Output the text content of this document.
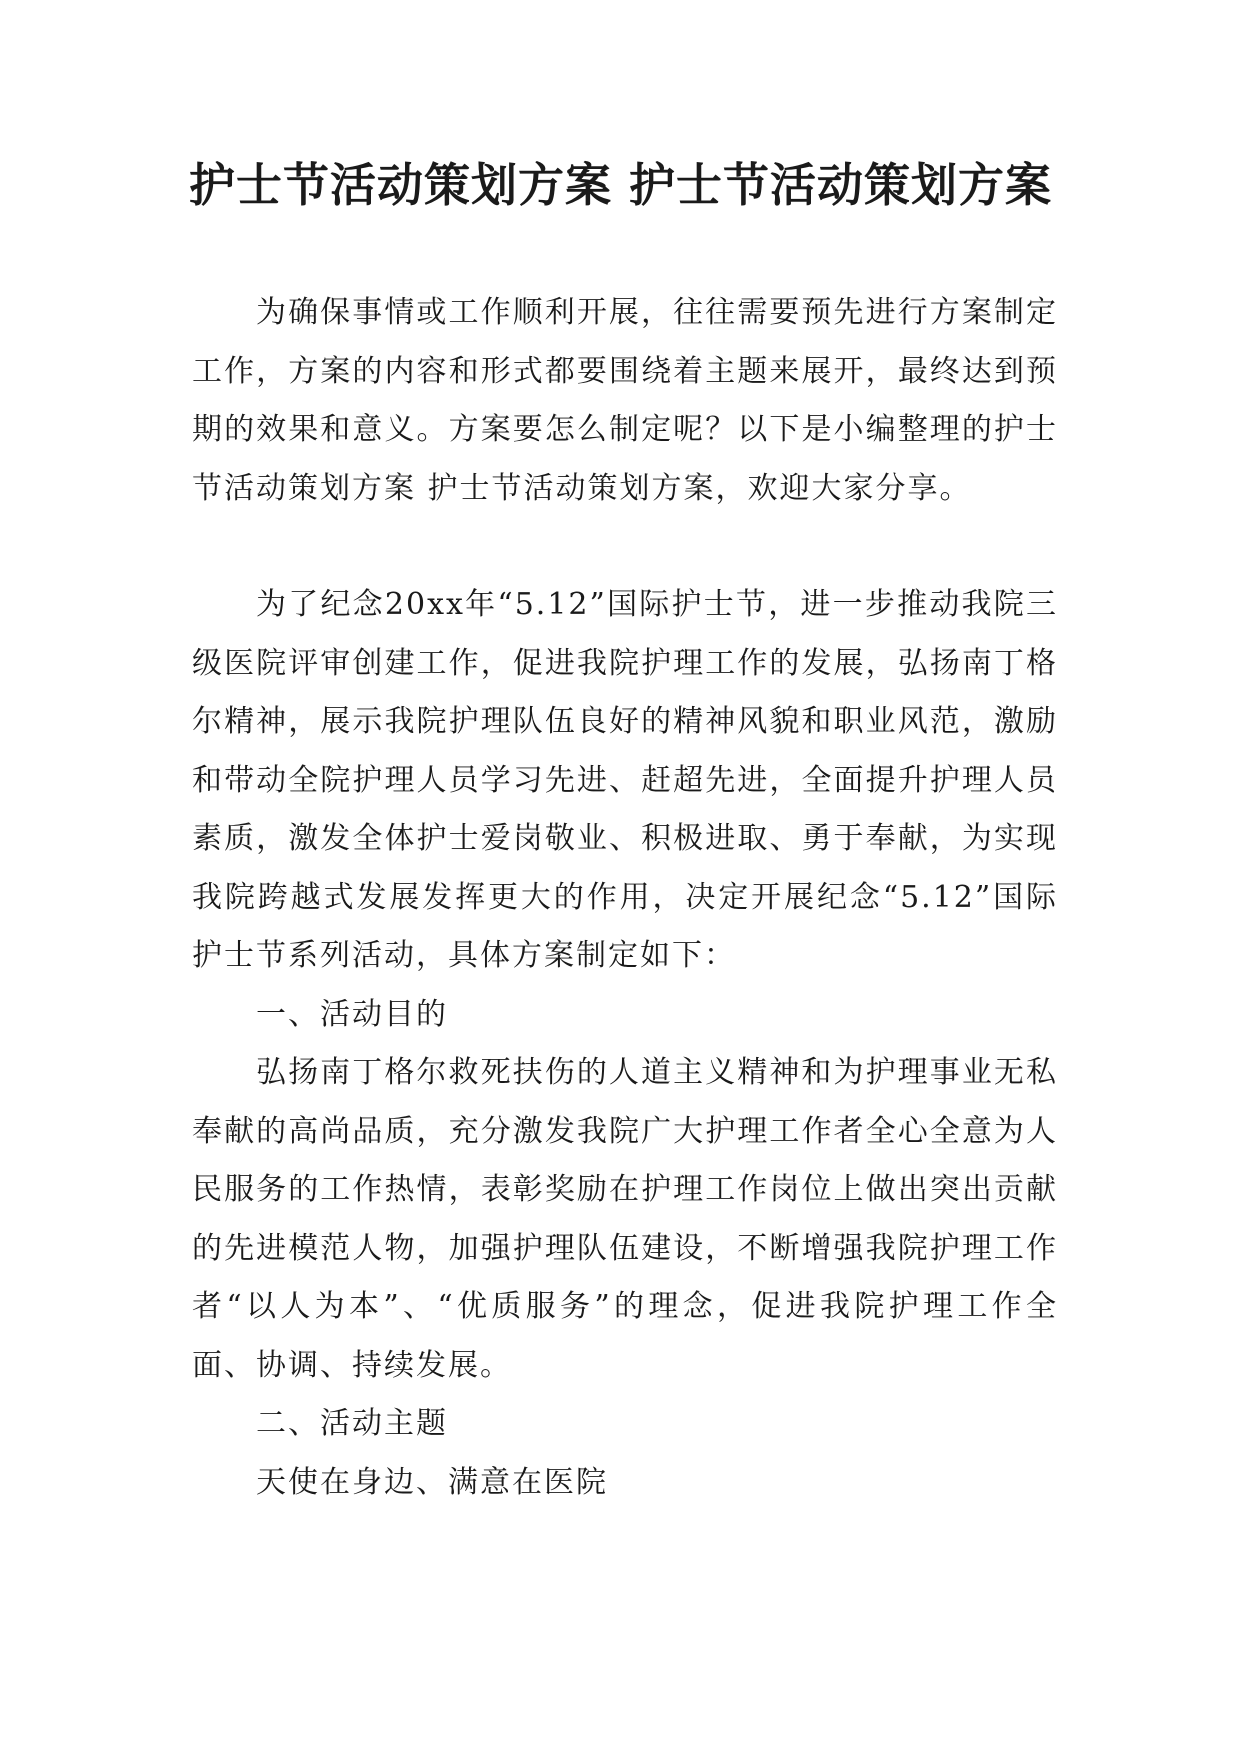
护士节活动策划方案 护士节活动策划方案

为确保事情或工作顺利开展，往往需要预先进行方案制定工作，方案的内容和形式都要围绕着主题来展开，最终达到预期的效果和意义。方案要怎么制定呢？以下是小编整理的护士节活动策划方案 护士节活动策划方案，欢迎大家分享。

为了纪念20xx年“5.12”国际护士节，进一步推动我院三级医院评审创建工作，促进我院护理工作的发展，弘扬南丁格尔精神，展示我院护理队伍良好的精神风貌和职业风范，激励和带动全院护理人员学习先进、赶超先进，全面提升护理人员素质，激发全体护士爱岗敬业、积极进取、勇于奉献，为实现我院跨越式发展发挥更大的作用，决定开展纪念“5.12”国际护士节系列活动，具体方案制定如下：

一、活动目的

弘扬南丁格尔救死扶伤的人道主义精神和为护理事业无私奉献的高尚品质，充分激发我院广大护理工作者全心全意为人民服务的工作热情，表彰奖励在护理工作岗位上做出突出贡献的先进模范人物，加强护理队伍建设，不断增强我院护理工作者“以人为本”、“优质服务”的理念，促进我院护理工作全面、协调、持续发展。

二、活动主题

天使在身边、满意在医院
